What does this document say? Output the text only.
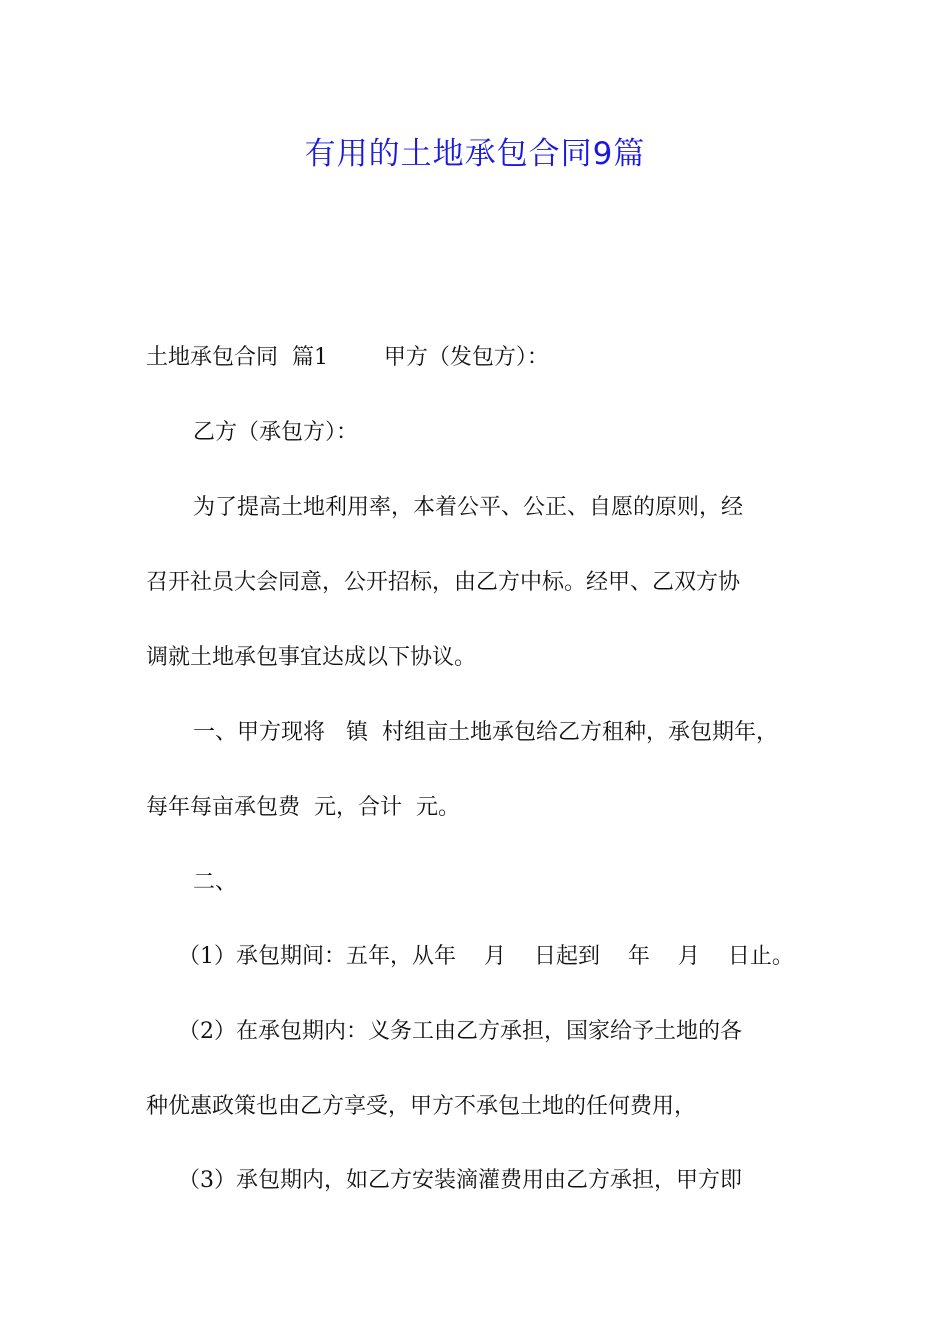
有用的土地承包合同9篇

土地承包合同  篇1        甲方（发包方）：

乙方（承包方）：

为了提高土地利用率，本着公平、公正、自愿的原则，经

召开社员大会同意，公开招标，由乙方中标。经甲、乙双方协

调就土地承包事宜达成以下协议。

一、甲方现将   镇  村组亩土地承包给乙方租种，承包期年，

每年每亩承包费  元，合计  元。

二、

（1）承包期间：五年，从年    月    日起到    年    月    日止。

（2）在承包期内：义务工由乙方承担，国家给予土地的各

种优惠政策也由乙方享受，甲方不承包土地的任何费用，

（3）承包期内，如乙方安装滴灌费用由乙方承担，甲方即
